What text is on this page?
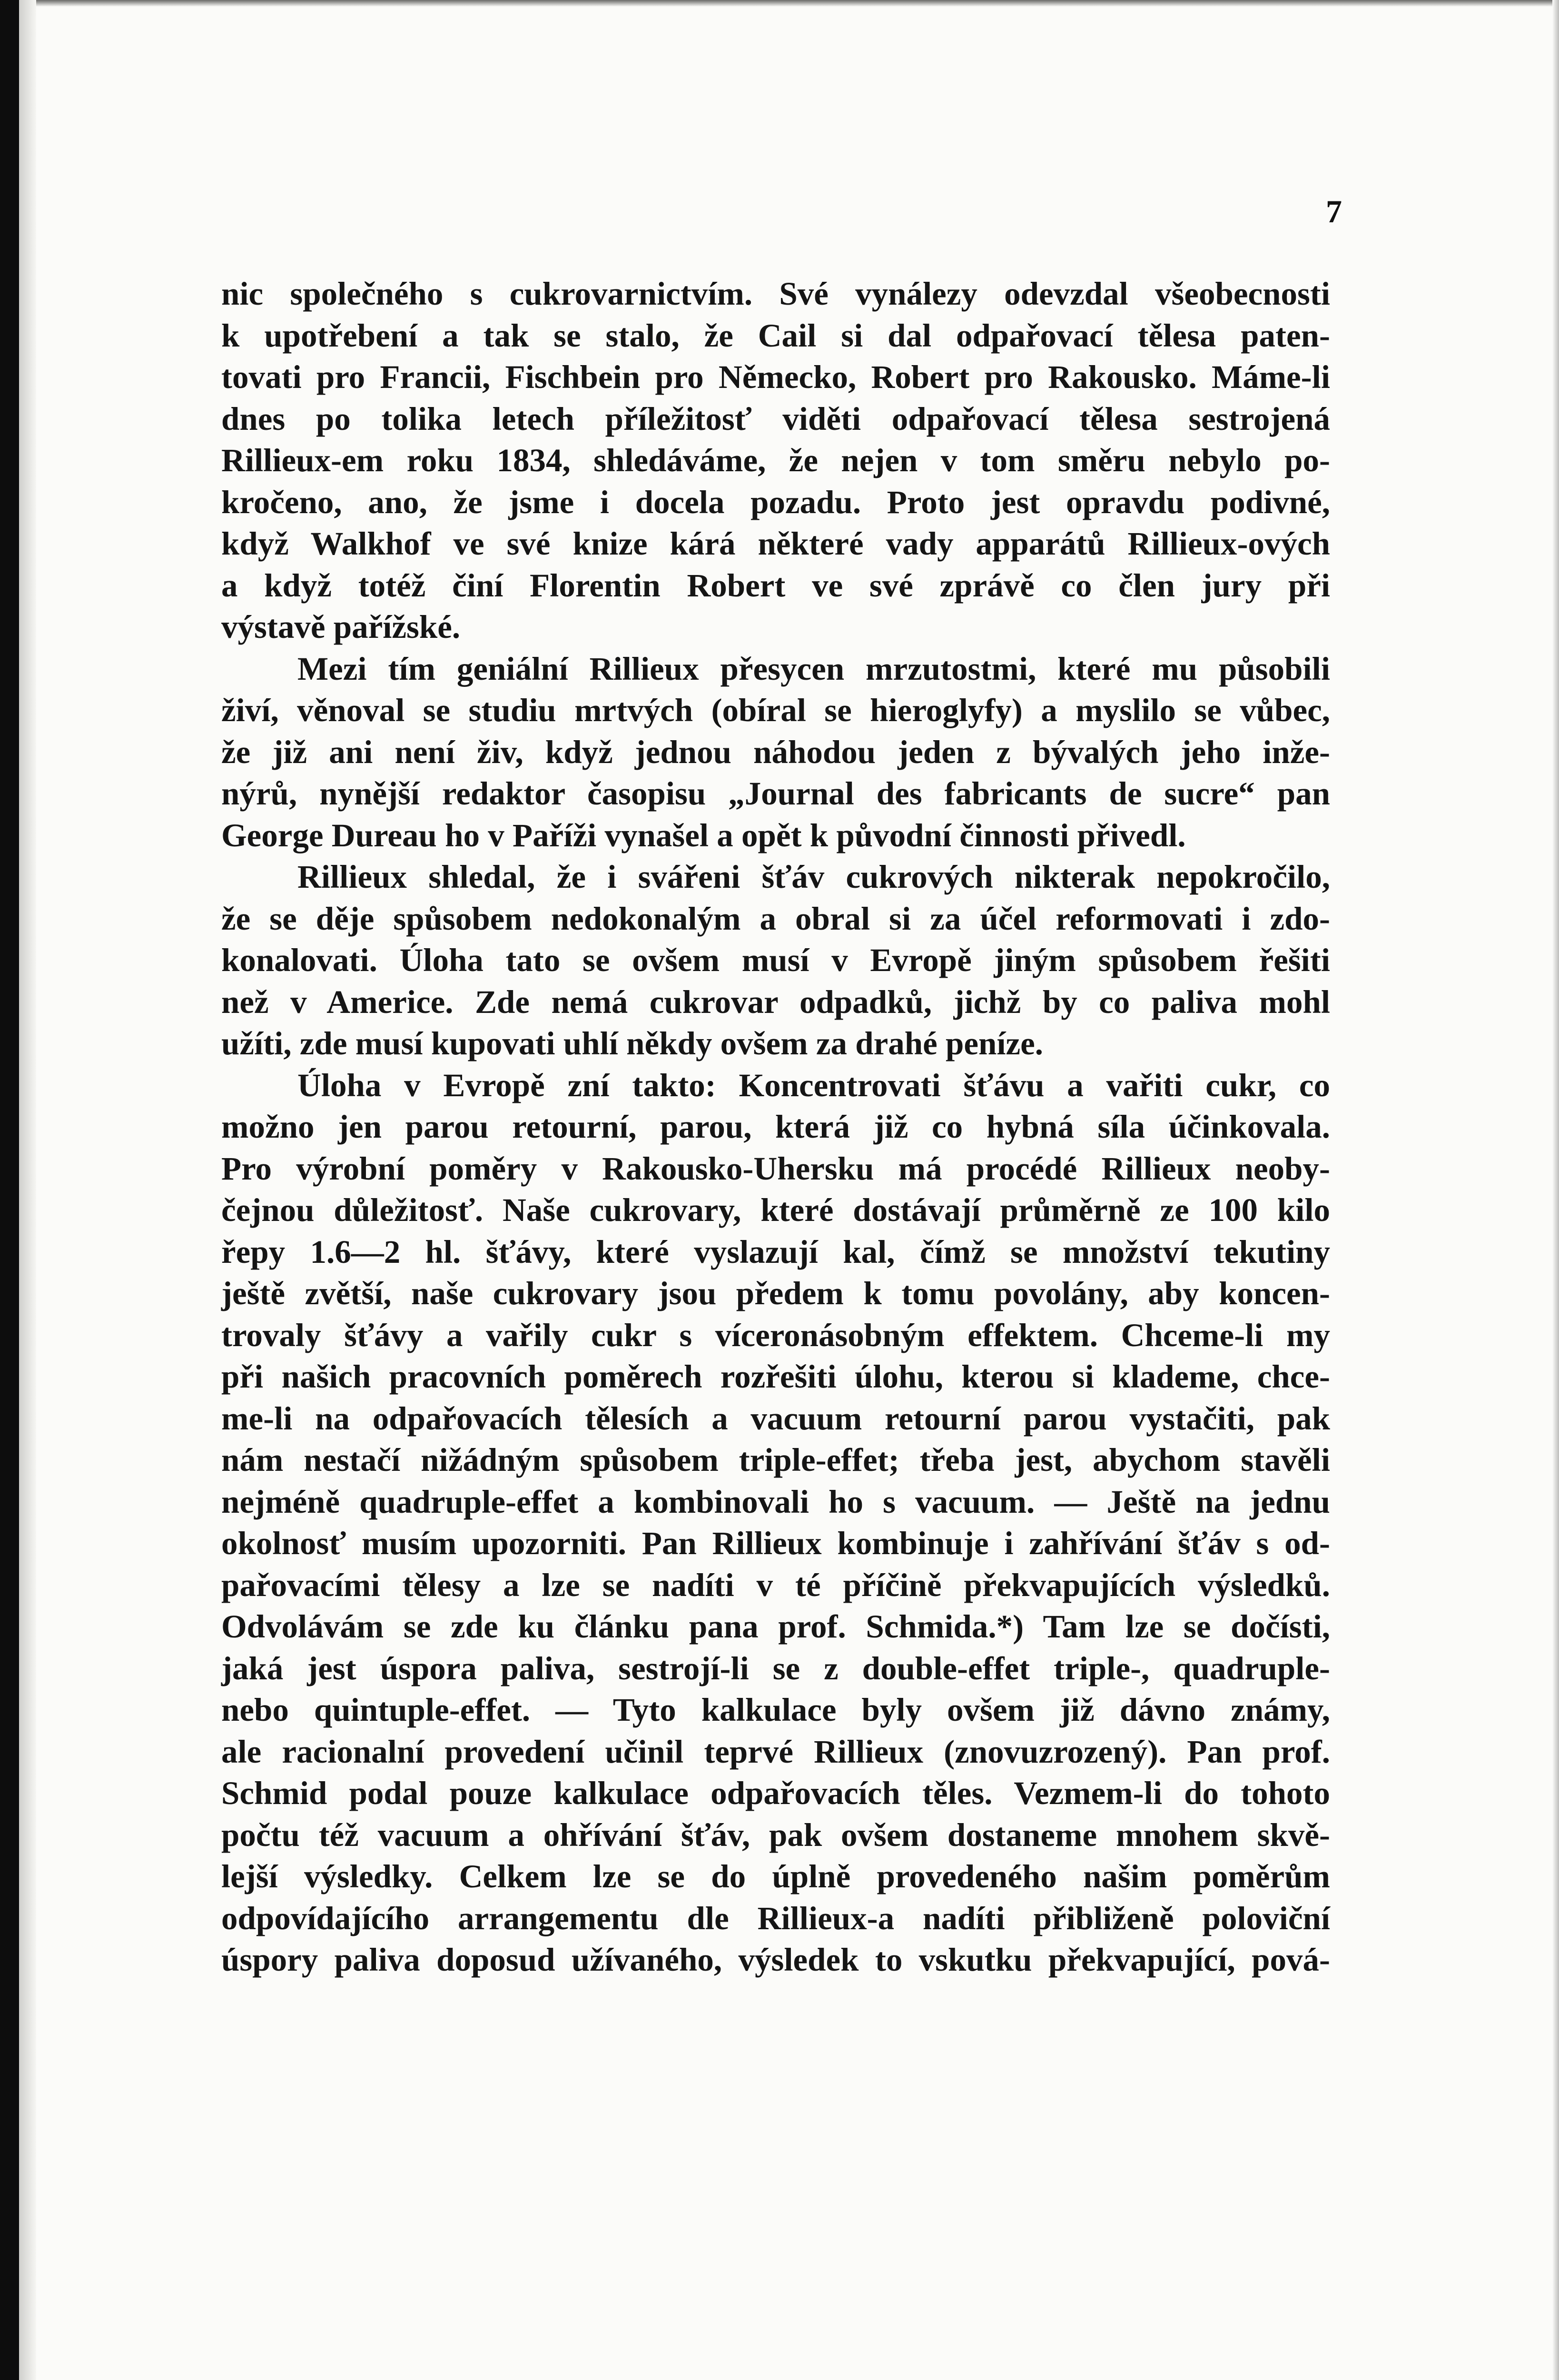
7

nic společného s cukrovarnictvím. Své vynálezy odevzdal všeobecnosti
k upotřebení a tak se stalo, že Cail si dal odpařovací tělesa paten-
tovati pro Francii, Fischbein pro Německo, Robert pro Rakousko. Máme-li
dnes po tolika letech příležitosť viděti odpařovací tělesa sestrojená
Rillieux-em roku 1834, shledáváme, že nejen v tom směru nebylo po-
kročeno, ano, že jsme i docela pozadu. Proto jest opravdu podivné,
když Walkhof ve své knize kárá některé vady apparátů Rillieux-ových
a když totéž činí Florentin Robert ve své zprávě co člen jury při
výstavě pařížské.

Mezi tím geniální Rillieux přesycen mrzutostmi, které mu působili
živí, věnoval se studiu mrtvých (obíral se hieroglyfy) a myslilo se vůbec,
že již ani není živ, když jednou náhodou jeden z bývalých jeho inže-
nýrů, nynější redaktor časopisu „Journal des fabricants de sucre“ pan
George Dureau ho v Paříži vynašel a opět k původní činnosti přivedl.

Rillieux shledal, že i svářeni šťáv cukrových nikterak nepokročilo,
že se děje spůsobem nedokonalým a obral si za účel reformovati i zdo-
konalovati. Úloha tato se ovšem musí v Evropě jiným spůsobem řešiti
než v Americe. Zde nemá cukrovar odpadků, jichž by co paliva mohl
užíti, zde musí kupovati uhlí někdy ovšem za drahé peníze.

Úloha v Evropě zní takto: Koncentrovati šťávu a vařiti cukr, co
možno jen parou retourní, parou, která již co hybná síla účinkovala.
Pro výrobní poměry v Rakousko-Uhersku má procédé Rillieux neoby-
čejnou důležitosť. Naše cukrovary, které dostávají průměrně ze 100 kilo
řepy 1.6—2 hl. šťávy, které vyslazují kal, čímž se množství tekutiny
ještě zvětší, naše cukrovary jsou předem k tomu povolány, aby koncen-
trovaly šťávy a vařily cukr s víceronásobným effektem. Chceme-li my
při našich pracovních poměrech rozřešiti úlohu, kterou si klademe, chce-
me-li na odpařovacích tělesích a vacuum retourní parou vystačiti, pak
nám nestačí nižádným spůsobem triple-effet; třeba jest, abychom stavěli
nejméně quadruple-effet a kombinovali ho s vacuum. — Ještě na jednu
okolnosť musím upozorniti. Pan Rillieux kombinuje i zahřívání šťáv s od-
pařovacími tělesy a lze se nadíti v té příčině překvapujících výsledků.
Odvolávám se zde ku článku pana prof. Schmida.*) Tam lze se dočísti,
jaká jest úspora paliva, sestrojí-li se z double-effet triple-, quadruple-
nebo quintuple-effet. — Tyto kalkulace byly ovšem již dávno známy,
ale racionalní provedení učinil teprvé Rillieux (znovuzrozený). Pan prof.
Schmid podal pouze kalkulace odpařovacích těles. Vezmem-li do tohoto
počtu též vacuum a ohřívání šťáv, pak ovšem dostaneme mnohem skvě-
lejší výsledky. Celkem lze se do úplně provedeného našim poměrům
odpovídajícího arrangementu dle Rillieux-a nadíti přibliženě poloviční
úspory paliva doposud užívaného, výsledek to vskutku překvapující, pová-
